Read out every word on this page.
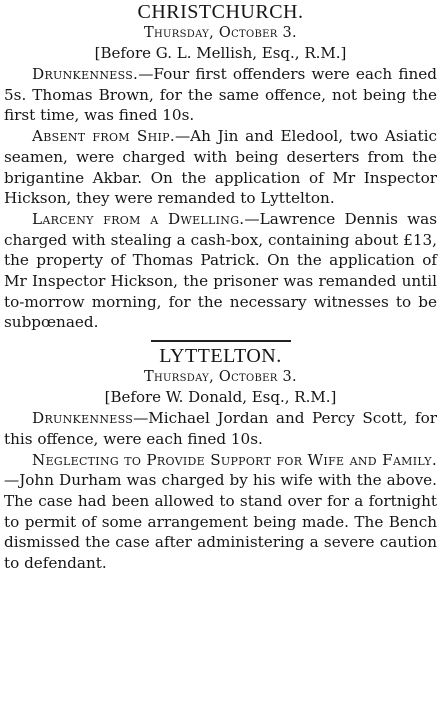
CHRISTCHURCH.
Thursday, October 3.
[Before G. L. Mellish, Esq., R.M.]

Drunkenness.—Four first offenders were each fined 5s. Thomas Brown, for the same offence, not being the first time, was fined 10s.

Absent from Ship.—Ah Jin and Eledool, two Asiatic seamen, were charged with being deserters from the brigantine Akbar. On the application of Mr Inspector Hickson, they were remanded to Lyttelton.

Larceny from a Dwelling.—Lawrence Dennis was charged with stealing a cash-box, containing about £13, the property of Thomas Patrick. On the application of Mr Inspector Hickson, the prisoner was remanded until to-morrow morning, for the necessary witnesses to be subpœnaed.

LYTTELTON.
Thursday, October 3.
[Before W. Donald, Esq., R.M.]

Drunkenness—Michael Jordan and Percy Scott, for this offence, were each fined 10s.

Neglecting to Provide Support for Wife and Family.—John Durham was charged by his wife with the above. The case had been allowed to stand over for a fortnight to permit of some arrangement being made. The Bench dismissed the case after administering a severe caution to defendant.
